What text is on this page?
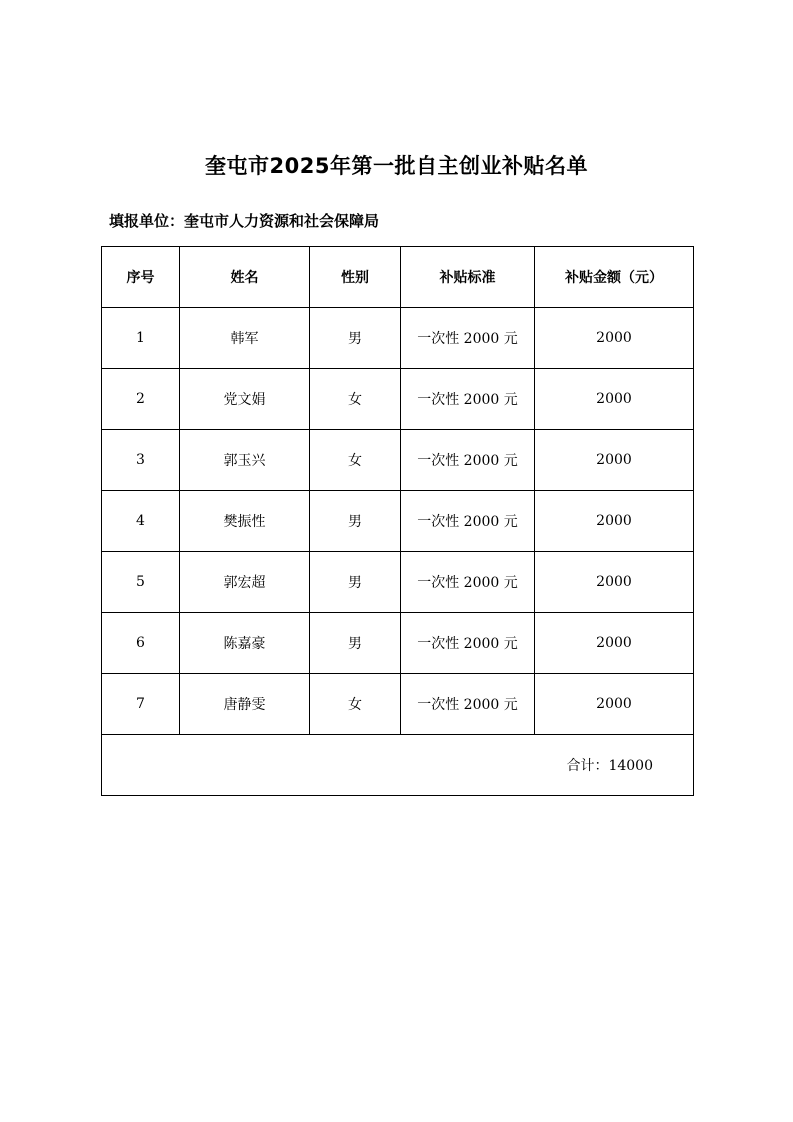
奎屯市2025年第一批自主创业补贴名单
填报单位：奎屯市人力资源和社会保障局
序号	姓名	性别	补贴标准	补贴金额（元）
1	韩军	男	一次性 2000 元	2000
2	党文娟	女	一次性 2000 元	2000
3	郭玉兴	女	一次性 2000 元	2000
4	樊振性	男	一次性 2000 元	2000
5	郭宏超	男	一次性 2000 元	2000
6	陈嘉豪	男	一次性 2000 元	2000
7	唐静雯	女	一次性 2000 元	2000
合计：14000				
